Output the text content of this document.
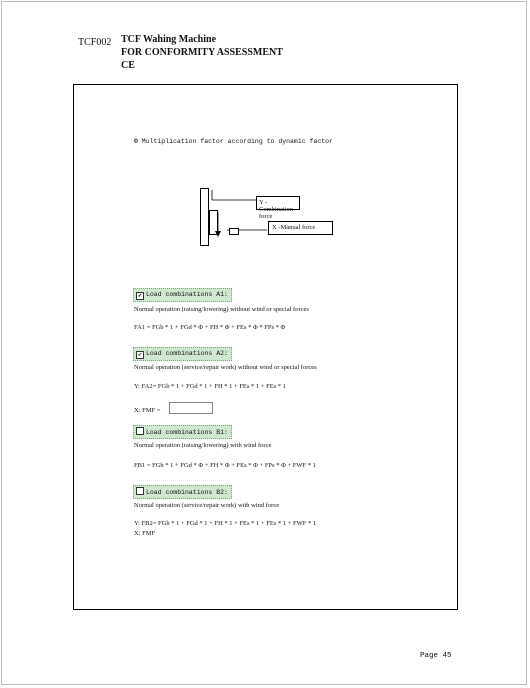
TCF002 TCF Wahing Machine
FOR CONFORMITY ASSESSMENT
CE
Φ Multiplication factor according to dynamic factor
Y -Combination force
X -Manual force
✔ Load combinations A1:
Normal operation (raising/lowering) without wind or special forces
FA1 = FGb * 1 + FGd * Φ + FH * Φ + FEs * Φ * FPs * Φ
✔ Load combinations A2:
Normal operation (service/repair work) without wind or special forces
Y: FA2= FGb * 1 + FGd * 1 + FH * 1 + FEs * 1 + FEs * 1
X: FMF =
Load combinations B1:
Normal operation (raising/lowering) with wind force
FB1 = FGb * 1 + FGd * Φ + FH * Φ + FEs * Φ + FPs * Φ + FWF * 1
Load combinations B2:
Normal operation (service/repair work) with wind force
Y: FB2= FGb * 1 + FGd * 1 + FH * 1 + FEs * 1 + FEs * 1 + FWF * 1
X: FMF
Page 45
